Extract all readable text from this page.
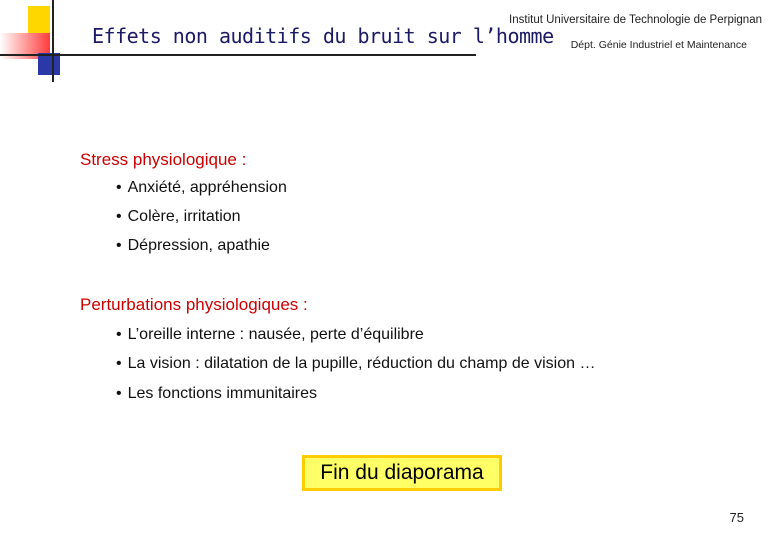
Effets non auditifs du bruit sur l’homme
Institut Universitaire de Technologie de Perpignan
Dépt. Génie Industriel et Maintenance
Stress physiologique :
• Anxiété, appréhension
• Colère, irritation
• Dépression, apathie
Perturbations physiologiques :
• L’oreille interne : nausée, perte d’équilibre
• La vision : dilatation de la pupille, réduction du champ de vision …
• Les fonctions immunitaires
Fin du diaporama
75
